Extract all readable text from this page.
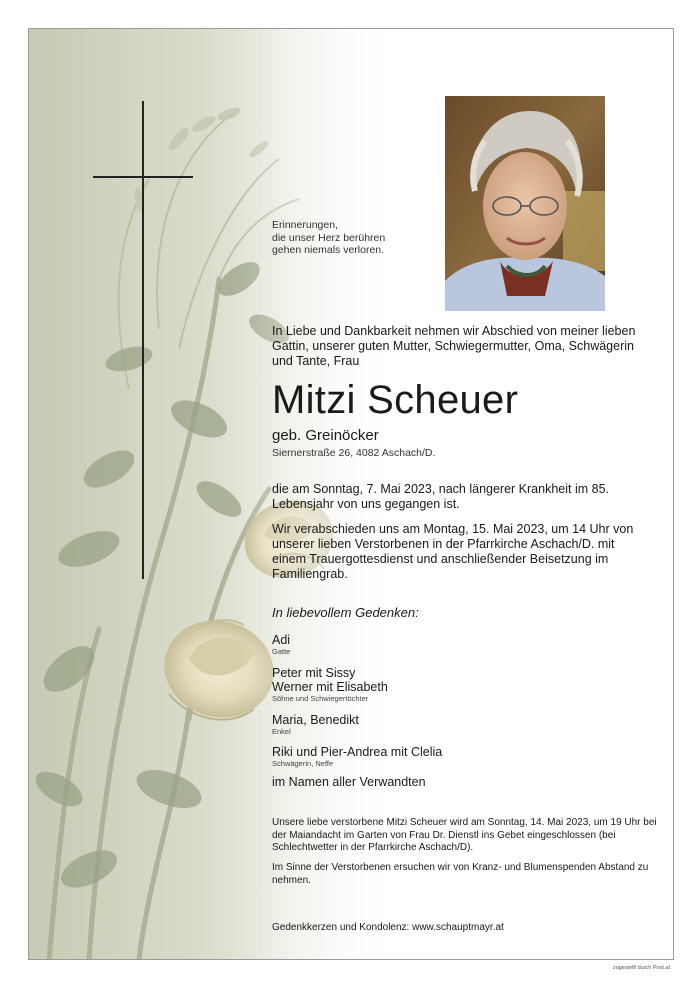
Erinnerungen,
die unser Herz berühren
gehen niemals verloren.
In Liebe und Dankbarkeit nehmen wir Abschied von meiner lieben Gattin, unserer guten Mutter, Schwiegermutter, Oma, Schwägerin und Tante, Frau
Mitzi Scheuer
geb. Greinöcker
Siernerstraße 26, 4082 Aschach/D.
die am Sonntag, 7. Mai 2023, nach längerer Krankheit im 85. Lebensjahr von uns gegangen ist.
Wir verabschieden uns am Montag, 15. Mai 2023, um 14 Uhr von unserer lieben Verstorbenen in der Pfarrkirche Aschach/D. mit einem Trauergottesdienst und anschließender Beisetzung im Familiengrab.
In liebevollem Gedenken:
Adi
Gatte
Peter mit Sissy
Werner mit Elisabeth
Söhne und Schwiegertöchter
Maria, Benedikt
Enkel
Riki und Pier-Andrea mit Clelia
Schwägerin, Neffe
im Namen aller Verwandten
Unsere liebe verstorbene Mitzi Scheuer wird am Sonntag, 14. Mai 2023, um 19 Uhr bei der Maiandacht im Garten von Frau Dr. Dienstl ins Gebet eingeschlossen (bei Schlechtwetter in der Pfarrkirche Aschach/D).
Im Sinne der Verstorbenen ersuchen wir von Kranz- und Blumenspenden Abstand zu nehmen.
Gedenkkerzen und Kondolenz: www.schauptmayr.at
zugestellt durch Post.at
